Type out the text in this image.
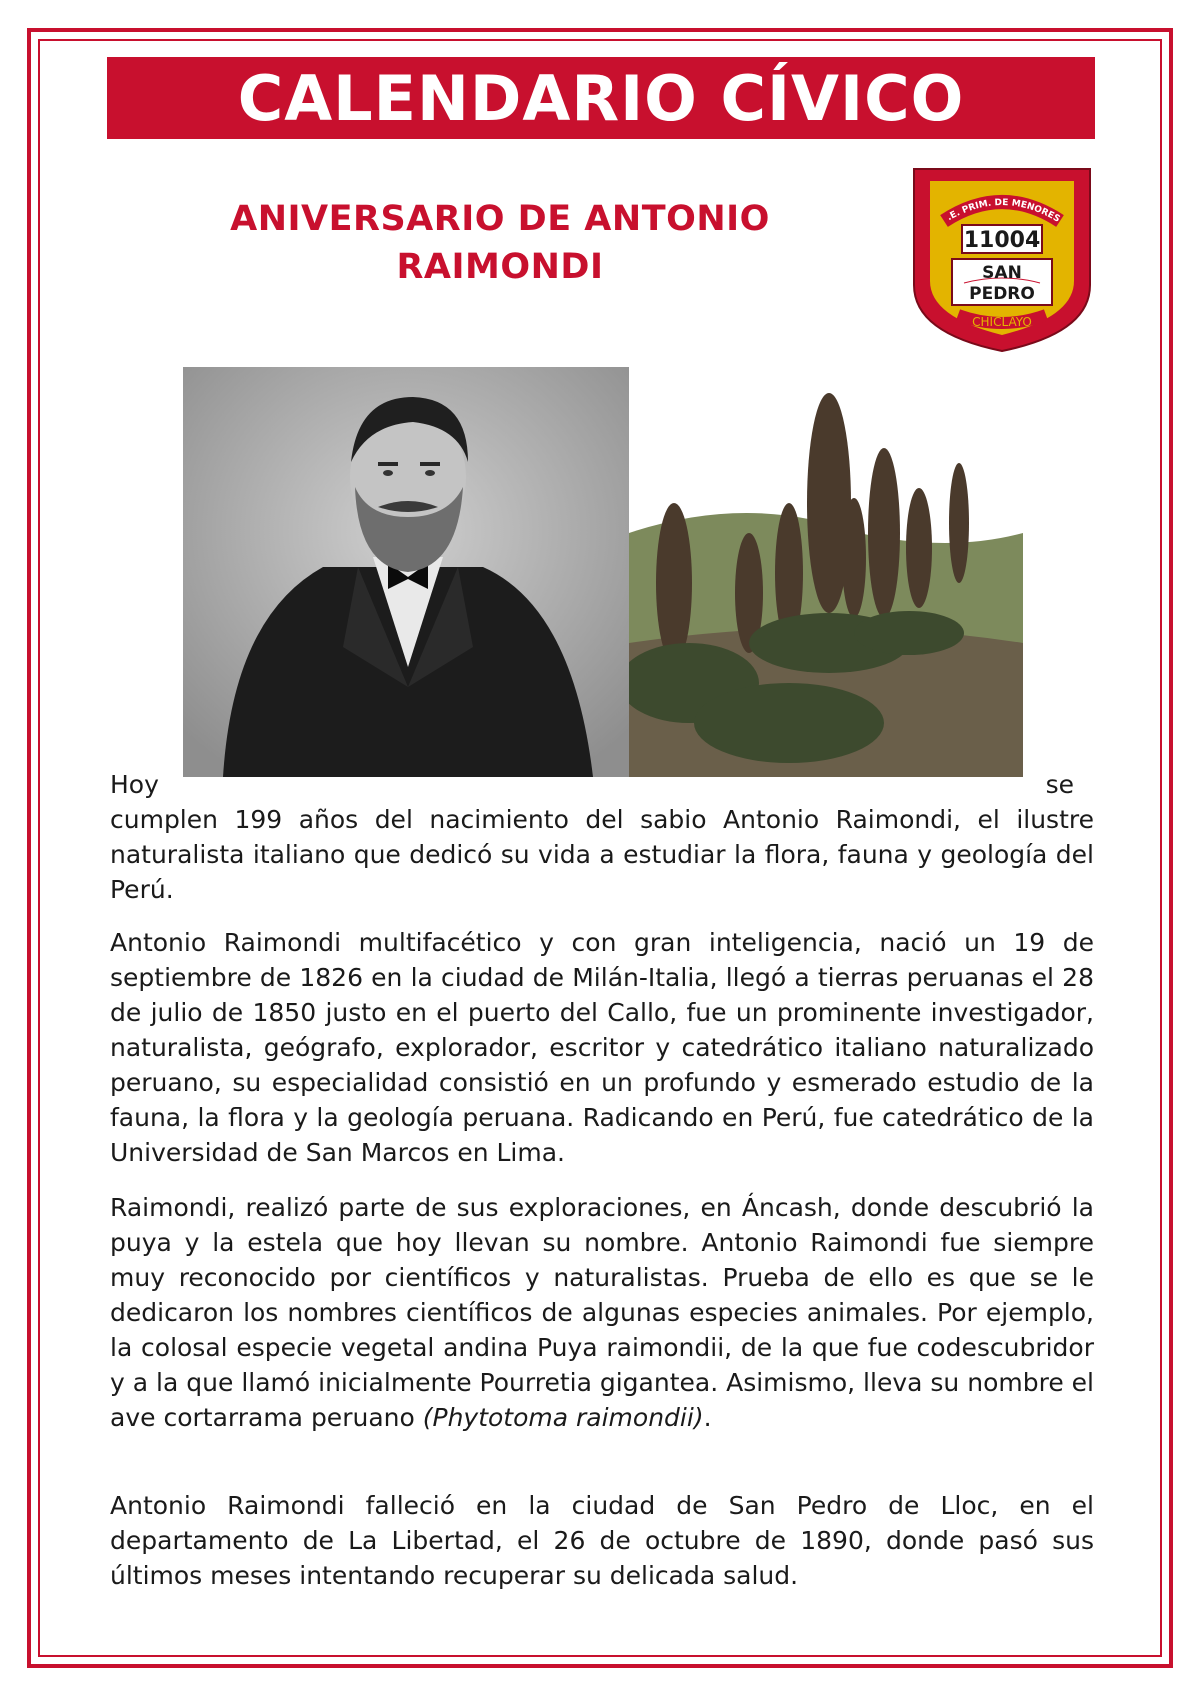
CALENDARIO CÍVICO
ANIVERSARIO DE ANTONIO
RAIMONDI
.E. PRIM. DE MENORES
11004
SAN
PEDRO
CHICLAYO
Hoy	se

cumplen 199 años del nacimiento del sabio Antonio Raimondi, el ilustre naturalista italiano que dedicó su vida a estudiar la flora, fauna y geología del Perú.

Antonio Raimondi multifacético y con gran inteligencia, nació un 19 de septiembre de 1826 en la ciudad de Milán-Italia, llegó a tierras peruanas el 28 de julio de 1850 justo en el puerto del Callo, fue un prominente investigador, naturalista, geógrafo, explorador, escritor y catedrático italiano naturalizado peruano, su especialidad consistió en un profundo y esmerado estudio de la fauna, la flora y la geología peruana. Radicando en Perú, fue catedrático de la Universidad de San Marcos en Lima.

Raimondi, realizó parte de sus exploraciones, en Áncash, donde descubrió la puya y la estela que hoy llevan su nombre. Antonio Raimondi fue siempre muy reconocido por científicos y naturalistas. Prueba de ello es que se le dedicaron los nombres científicos de algunas especies animales. Por ejemplo, la colosal especie vegetal andina Puya raimondii, de la que fue codescubridor y a la que llamó inicialmente Pourretia gigantea. Asimismo, lleva su nombre el ave cortarrama peruano (Phytotoma raimondii).

Antonio Raimondi falleció en la ciudad de San Pedro de Lloc, en el departamento de La Libertad, el 26 de octubre de 1890, donde pasó sus últimos meses intentando recuperar su delicada salud.
